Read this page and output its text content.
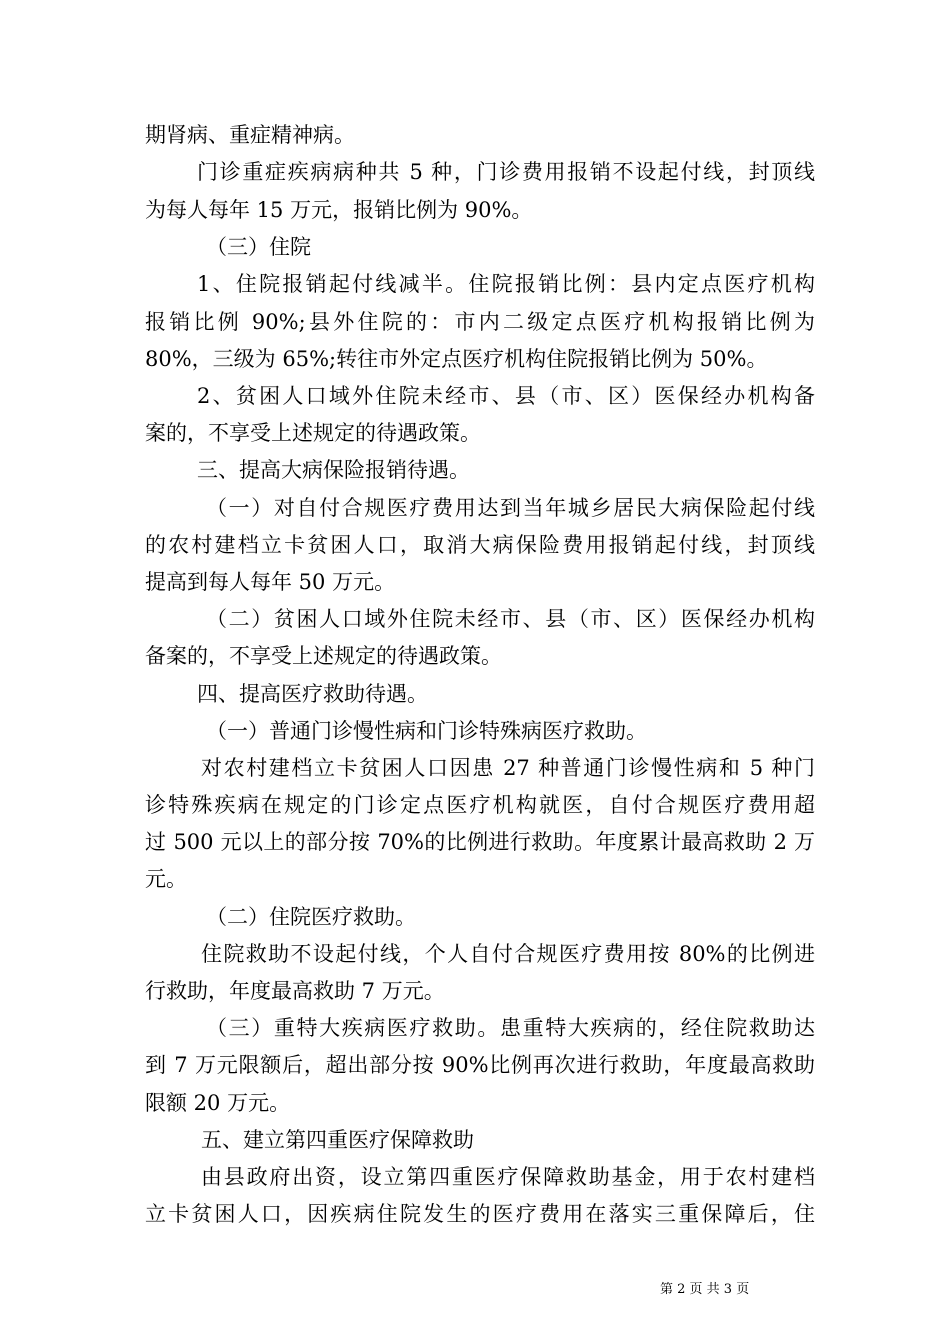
期肾病、重症精神病。
门诊重症疾病病种共 5 种，门诊费用报销不设起付线，封顶线
为每人每年 15 万元，报销比例为 90%。
（三）住院
1、住院报销起付线减半。住院报销比例：县内定点医疗机构
报销比例 90%;县外住院的：市内二级定点医疗机构报销比例为
80%，三级为 65%;转往市外定点医疗机构住院报销比例为 50%。
2、贫困人口域外住院未经市、县（市、区）医保经办机构备
案的，不享受上述规定的待遇政策。
三、提高大病保险报销待遇。
（一）对自付合规医疗费用达到当年城乡居民大病保险起付线
的农村建档立卡贫困人口，取消大病保险费用报销起付线，封顶线
提高到每人每年 50 万元。
（二）贫困人口域外住院未经市、县（市、区）医保经办机构
备案的，不享受上述规定的待遇政策。
四、提高医疗救助待遇。
（一）普通门诊慢性病和门诊特殊病医疗救助。
对农村建档立卡贫困人口因患 27 种普通门诊慢性病和 5 种门
诊特殊疾病在规定的门诊定点医疗机构就医，自付合规医疗费用超
过 500 元以上的部分按 70%的比例进行救助。年度累计最高救助 2 万
元。
（二）住院医疗救助。
住院救助不设起付线，个人自付合规医疗费用按 80%的比例进
行救助，年度最高救助 7 万元。
（三）重特大疾病医疗救助。患重特大疾病的，经住院救助达
到 7 万元限额后，超出部分按 90%比例再次进行救助，年度最高救助
限额 20 万元。
五、建立第四重医疗保障救助
由县政府出资，设立第四重医疗保障救助基金，用于农村建档
立卡贫困人口，因疾病住院发生的医疗费用在落实三重保障后，住
第 2 页 共 3 页
